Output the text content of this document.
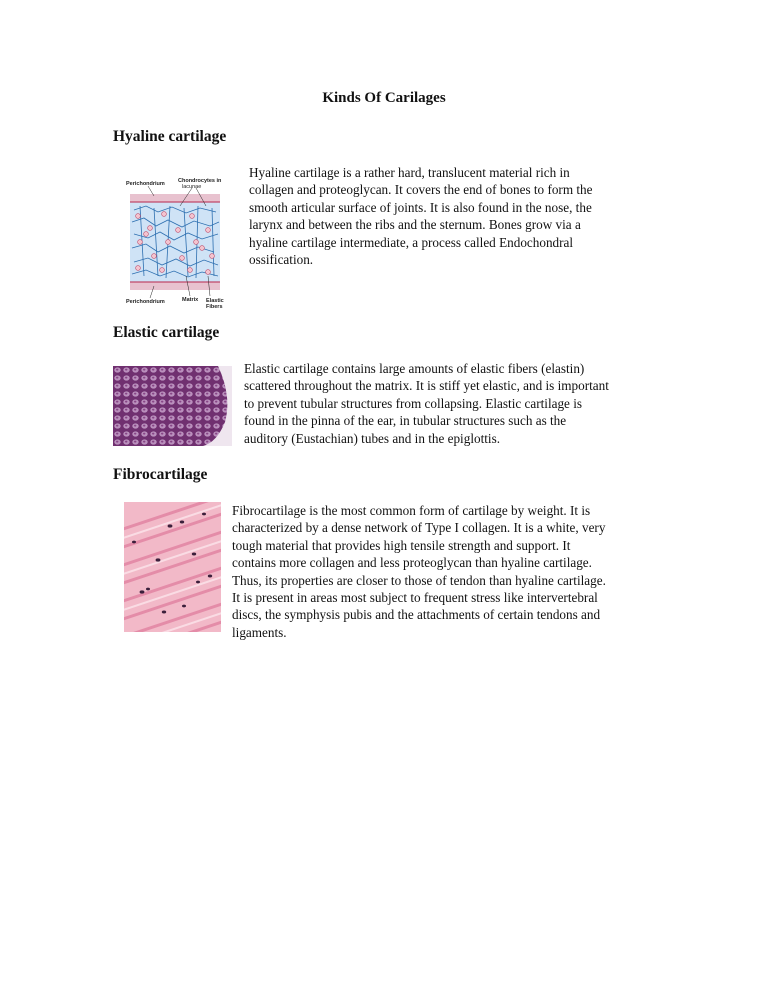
Kinds Of Carilages
Hyaline cartilage
Perichondrium Chondrocytes in
lacunae
Perichondrium	Matrix Elastic
Fibers
Hyaline cartilage is a rather hard, translucent material rich in
collagen and proteoglycan. It covers the end of bones to form the
smooth articular surface of joints. It is also found in the nose, the
larynx and between the ribs and the sternum. Bones grow via a
hyaline cartilage intermediate, a process called Endochondral
ossification.
Elastic cartilage
Elastic cartilage contains large amounts of elastic fibers (elastin)
scattered throughout the matrix. It is stiff yet elastic, and is important
to prevent tubular structures from collapsing. Elastic cartilage is
found in the pinna of the ear, in tubular structures such as the
auditory (Eustachian) tubes and in the epiglottis.
Fibrocartilage
Fibrocartilage is the most common form of cartilage by weight. It is
characterized by a dense network of Type I collagen. It is a white, very
tough material that provides high tensile strength and support. It
contains more collagen and less proteoglycan than hyaline cartilage.
Thus, its properties are closer to those of tendon than hyaline cartilage.
It is present in areas most subject to frequent stress like intervertebral
discs, the symphysis pubis and the attachments of certain tendons and
ligaments.
